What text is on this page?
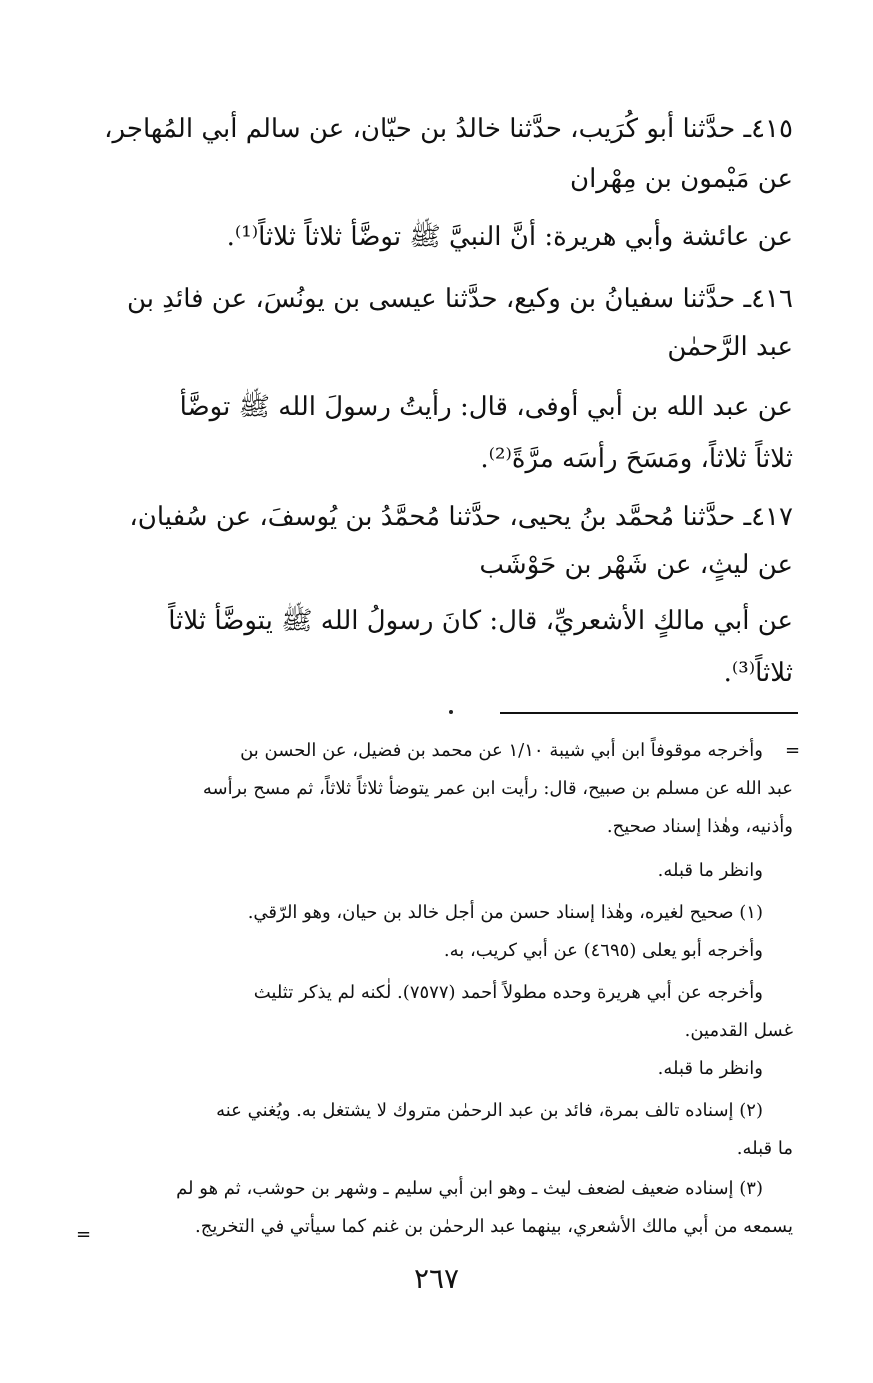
٤١٥ـ حدَّثنا أبو كُرَيب، حدَّثنا خالدُ بن حيّان، عن سالم أبي المُهاجر،
عن مَيْمون بن مِهْران
عن عائشة وأبي هريرة: أنَّ النبيَّ ﷺ توضَّأ ثلاثاً ثلاثاً⁽¹⁾.
٤١٦ـ حدَّثنا سفيانُ بن وكيع، حدَّثنا عيسى بن يونُسَ، عن فائدِ بن
عبد الرَّحمٰن
عن عبد الله بن أبي أوفى، قال: رأيتُ رسولَ الله ﷺ توضَّأ
ثلاثاً ثلاثاً، ومَسَحَ رأسَه مرَّةً⁽²⁾.
٤١٧ـ حدَّثنا مُحمَّد بنُ يحيى، حدَّثنا مُحمَّدُ بن يُوسفَ، عن سُفيان،
عن ليثٍ، عن شَهْر بن حَوْشَب
عن أبي مالكٍ الأشعريِّ، قال: كانَ رسولُ الله ﷺ يتوضَّأ ثلاثاً
ثلاثاً⁽³⁾.
=
وأخرجه موقوفاً ابن أبي شيبة ١/١٠ عن محمد بن فضيل، عن الحسن بن
عبد الله عن مسلم بن صبيح، قال: رأيت ابن عمر يتوضأ ثلاثاً ثلاثاً، ثم مسح برأسه
وأذنيه، وهٰذا إسناد صحيح.
وانظر ما قبله.
(١) صحيح لغيره، وهٰذا إسناد حسن من أجل خالد بن حيان، وهو الرّقي.
وأخرجه أبو يعلى (٤٦٩٥) عن أبي كريب، به.
وأخرجه عن أبي هريرة وحده مطولاً أحمد (٧٥٧٧). لٰكنه لم يذكر تثليث
غسل القدمين.
وانظر ما قبله.
(٢) إسناده تالف بمرة، فائد بن عبد الرحمٰن متروك لا يشتغل به. ويُغني عنه
ما قبله.
(٣) إسناده ضعيف لضعف ليث ـ وهو ابن أبي سليم ـ وشهر بن حوشب، ثم هو لم
يسمعه من أبي مالك الأشعري، بينهما عبد الرحمٰن بن غنم كما سيأتي في التخريج.
=
٢٦٧
